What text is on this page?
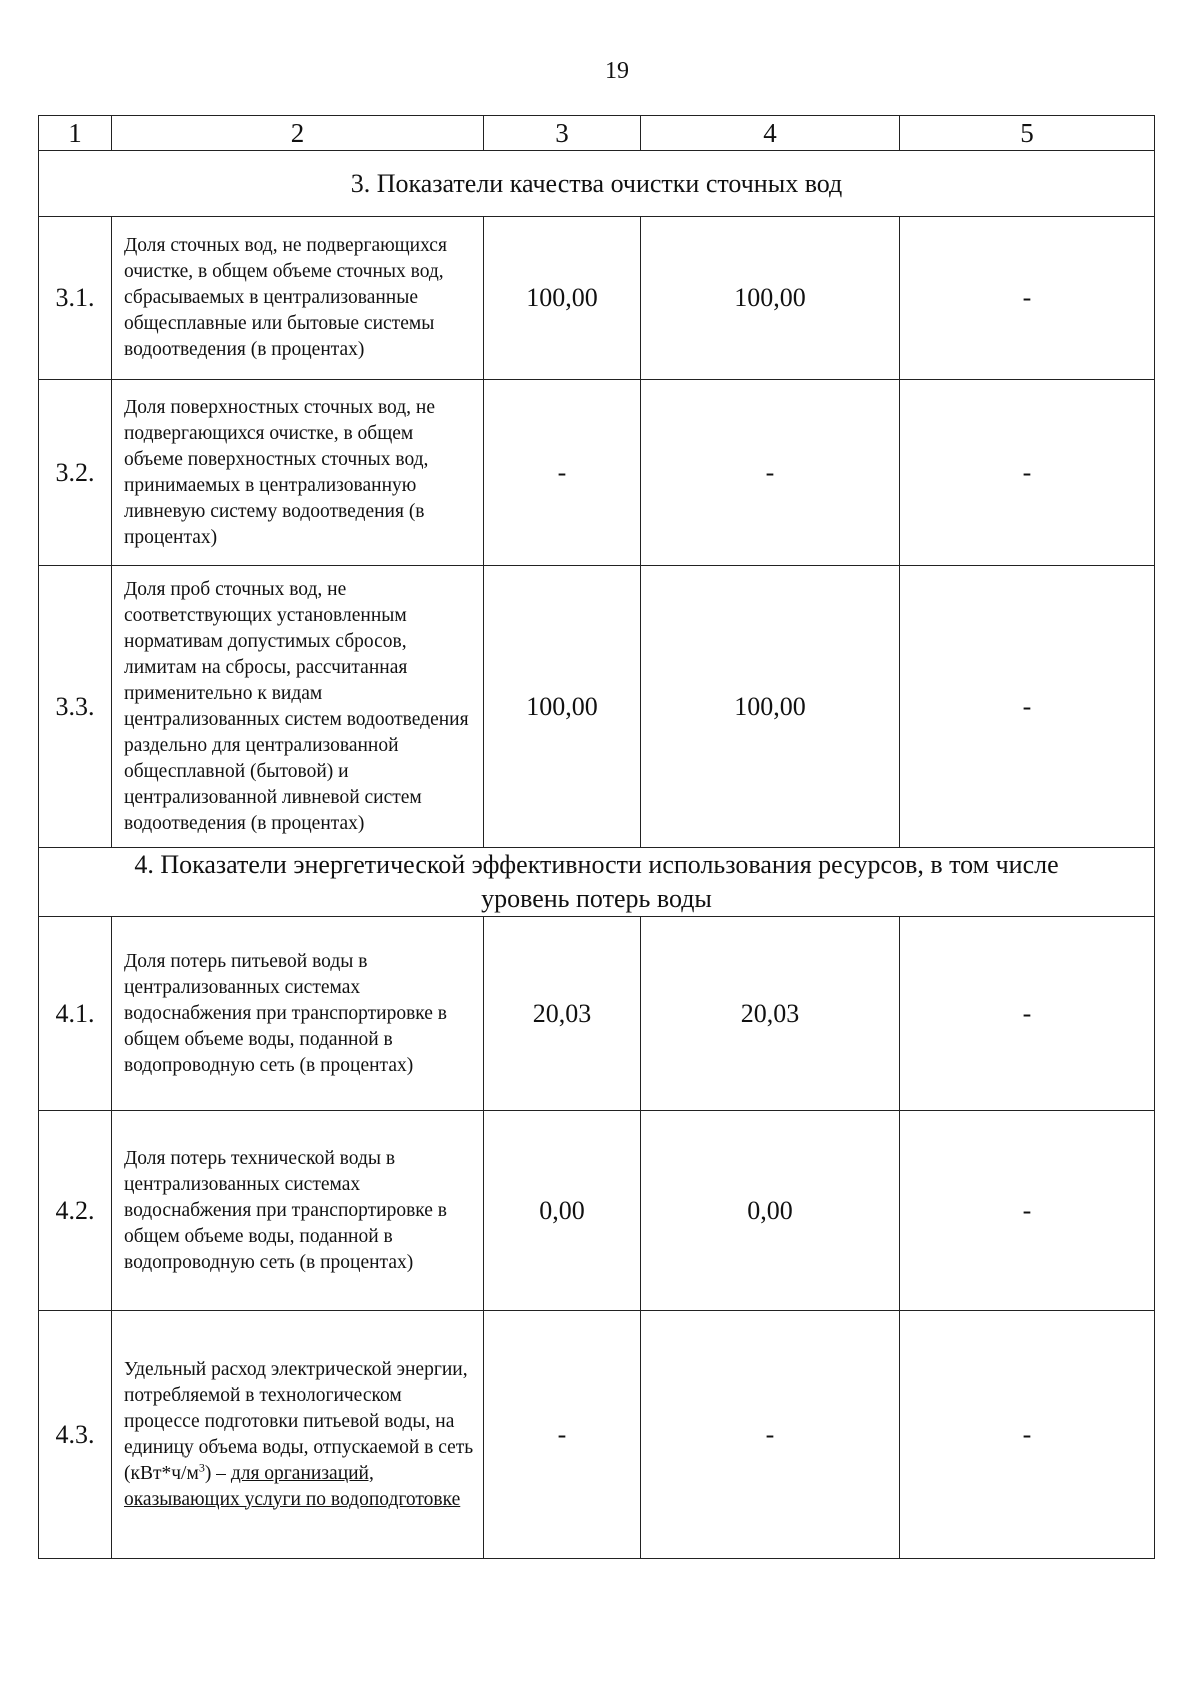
19
1	2	3	4	5
3. Показатели качества очистки сточных вод				
3.1.	Доля сточных вод, не подвергающихся очистке, в общем объеме сточных вод, сбрасываемых в централизованные общесплавные или бытовые системы водоотведения (в процентах)	100,00	100,00	-
3.2.	Доля поверхностных сточных вод, не подвергающихся очистке, в общем объеме поверхностных сточных вод, принимаемых в централизованную ливневую систему водоотведения (в процентах)	-	-	-
3.3.	Доля проб сточных вод, не соответствующих установленным нормативам допустимых сбросов, лимитам на сбросы, рассчитанная применительно к видам централизованных систем водоотведения раздельно для централизованной общесплавной (бытовой) и централизованной ливневой систем водоотведения (в процентах)	100,00	100,00	-
4. Показатели энергетической эффективности использования ресурсов, в том числе уровень потерь воды				
4.1.	Доля потерь питьевой воды в централизованных системах водоснабжения при транспортировке в общем объеме воды, поданной в водопроводную сеть (в процентах)	20,03	20,03	-
4.2.	Доля потерь технической воды в централизованных системах водоснабжения при транспортировке в общем объеме воды, поданной в водопроводную сеть (в процентах)	0,00	0,00	-
4.3.	Удельный расход электрической энергии, потребляемой в технологическом процессе подготовки питьевой воды, на единицу объема воды, отпускаемой в сеть $(кВт*ч/м^3)$ – для организаций, оказывающих услуги по водоподготовке	-	-	-
